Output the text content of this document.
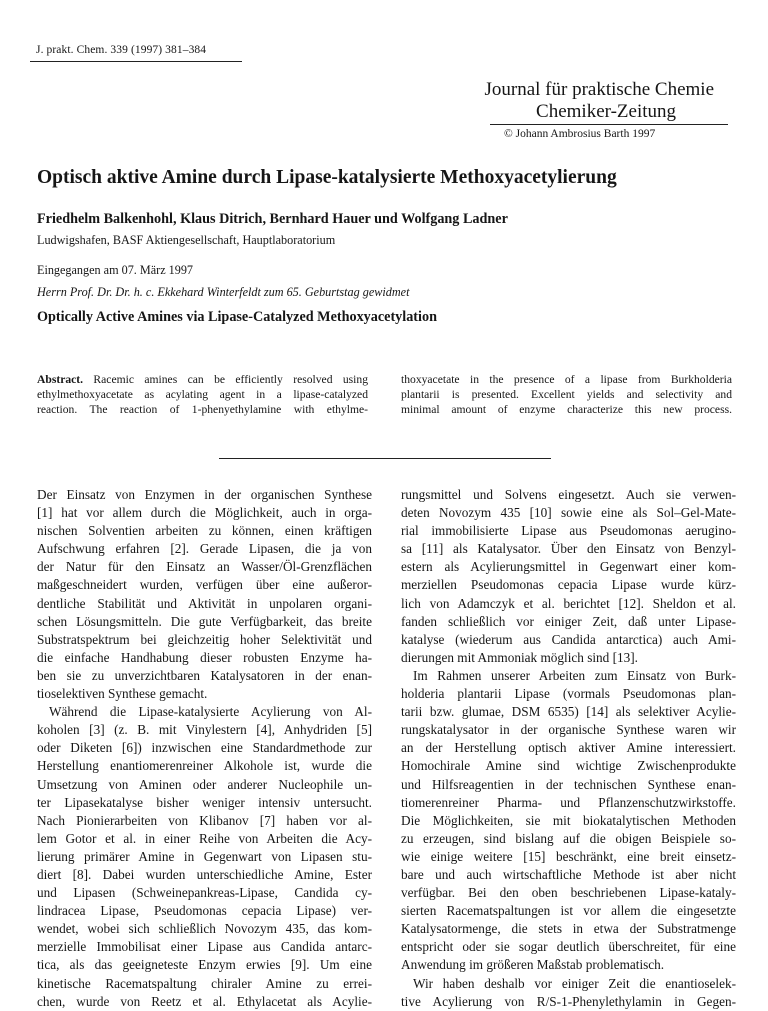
J. prakt. Chem. 339 (1997) 381–384
Journal für praktische Chemie
Chemiker-Zeitung
© Johann Ambrosius Barth 1997
Optisch aktive Amine durch Lipase-katalysierte Methoxyacetylierung
Friedhelm Balkenhohl, Klaus Ditrich, Bernhard Hauer und Wolfgang Ladner
Ludwigshafen, BASF Aktiengesellschaft, Hauptlaboratorium
Eingegangen am 07. März 1997
Herrn Prof. Dr. Dr. h. c. Ekkehard Winterfeldt zum 65. Geburtstag gewidmet
Optically Active Amines via Lipase-Catalyzed Methoxyacetylation
Abstract. Racemic amines can be efficiently resolved using
ethylmethoxyacetate as acylating agent in a lipase-catalyzed
reaction. The reaction of 1-phenyethylamine with ethylme-
thoxyacetate in the presence of a lipase from Burkholderia
plantarii is presented. Excellent yields and selectivity and
minimal amount of enzyme characterize this new process.
Der Einsatz von Enzymen in der organischen Synthese
[1] hat vor allem durch die Möglichkeit, auch in orga-
nischen Solventien arbeiten zu können, einen kräftigen
Aufschwung erfahren [2]. Gerade Lipasen, die ja von
der Natur für den Einsatz an Wasser/Öl-Grenzflächen
maßgeschneidert wurden, verfügen über eine außeror-
dentliche Stabilität und Aktivität in unpolaren organi-
schen Lösungsmitteln. Die gute Verfügbarkeit, das breite
Substratspektrum bei gleichzeitig hoher Selektivität und
die einfache Handhabung dieser robusten Enzyme ha-
ben sie zu unverzichtbaren Katalysatoren in der enan-
tioselektiven Synthese gemacht.
Während die Lipase-katalysierte Acylierung von Al-
koholen [3] (z. B. mit Vinylestern [4], Anhydriden [5]
oder Diketen [6]) inzwischen eine Standardmethode zur
Herstellung enantiomerenreiner Alkohole ist, wurde die
Umsetzung von Aminen oder anderer Nucleophile un-
ter Lipasekatalyse bisher weniger intensiv untersucht.
Nach Pionierarbeiten von Klibanov [7] haben vor al-
lem Gotor et al. in einer Reihe von Arbeiten die Acy-
lierung primärer Amine in Gegenwart von Lipasen stu-
diert [8]. Dabei wurden unterschiedliche Amine, Ester
und Lipasen (Schweinepankreas-Lipase, Candida cy-
lindracea Lipase, Pseudomonas cepacia Lipase) ver-
wendet, wobei sich schließlich Novozym 435, das kom-
merzielle Immobilisat einer Lipase aus Candida antarc-
tica, als das geeigneteste Enzym erwies [9]. Um eine
kinetische Racematspaltung chiraler Amine zu errei-
chen, wurde von Reetz et al. Ethylacetat als Acylie-
rungsmittel und Solvens eingesetzt. Auch sie verwen-
deten Novozym 435 [10] sowie eine als Sol–Gel-Mate-
rial immobilisierte Lipase aus Pseudomonas aerugino-
sa [11] als Katalysator. Über den Einsatz von Benzyl-
estern als Acylierungsmittel in Gegenwart einer kom-
merziellen Pseudomonas cepacia Lipase wurde kürz-
lich von Adamczyk et al. berichtet [12]. Sheldon et al.
fanden schließlich vor einiger Zeit, daß unter Lipase-
katalyse (wiederum aus Candida antarctica) auch Ami-
dierungen mit Ammoniak möglich sind [13].
Im Rahmen unserer Arbeiten zum Einsatz von Burk-
holderia plantarii Lipase (vormals Pseudomonas plan-
tarii bzw. glumae, DSM 6535) [14] als selektiver Acylie-
rungskatalysator in der organische Synthese waren wir
an der Herstellung optisch aktiver Amine interessiert.
Homochirale Amine sind wichtige Zwischenprodukte
und Hilfsreagentien in der technischen Synthese enan-
tiomerenreiner Pharma- und Pflanzenschutzwirkstoffe.
Die Möglichkeiten, sie mit biokatalytischen Methoden
zu erzeugen, sind bislang auf die obigen Beispiele so-
wie einige weitere [15] beschränkt, eine breit einsetz-
bare und auch wirtschaftliche Methode ist aber nicht
verfügbar. Bei den oben beschriebenen Lipase-kataly-
sierten Racematspaltungen ist vor allem die eingesetzte
Katalysatormenge, die stets in etwa der Substratmenge
entspricht oder sie sogar deutlich überschreitet, für eine
Anwendung im größeren Maßstab problematisch.
Wir haben deshalb vor einiger Zeit die enantioselek-
tive Acylierung von R/S-1-Phenylethylamin in Gegen-
